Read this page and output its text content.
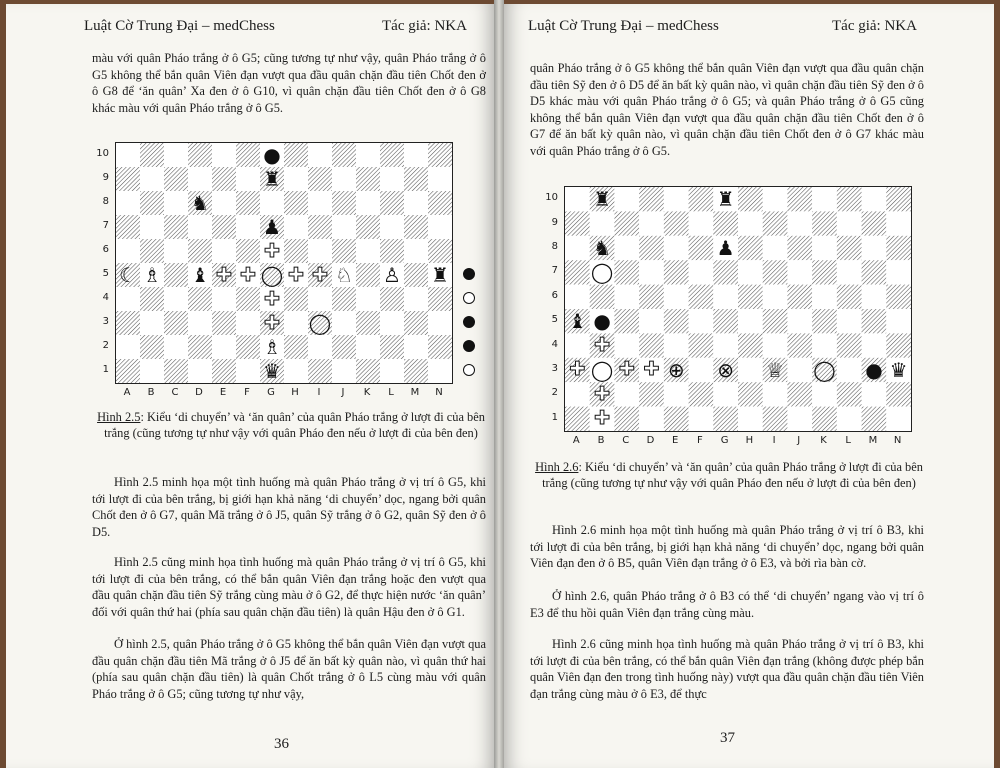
Luật Cờ Trung Đại – medChess	Tác giả: NKA

màu với quân Pháo trắng ở ô G5; cũng tương tự như vậy, quân Pháo trắng ở ô G5 không thể bắn quân Viên đạn vượt qua đầu quân chặn đầu tiên Chốt đen ở ô G8 để ‘ăn quân’ Xa đen ở ô G10, vì quân chặn đầu tiên Chốt đen ở ô G8 khác màu với quân Pháo trắng ở ô G5.

●
♜
♞
♟
✚
☾ ♗ ♝ ✚ ✚ ◯ ✚ ✚ ♘ ♙ ♜
✚
✚ ◯
♗
♛
10
9
8
7
6
5
4
3
2
1
A	B	C	D	E	F	G	H	I	J	K	L	M	N
Hình 2.5: Kiểu ‘di chuyển’ và ‘ăn quân’ của quân Pháo trắng ở lượt đi của bên trắng (cũng tương tự như vậy với quân Pháo đen nếu ở lượt đi của bên đen)

Hình 2.5 minh họa một tình huống mà quân Pháo trắng ở vị trí ô G5, khi tới lượt đi của bên trắng, bị giới hạn khả năng ‘di chuyển’ dọc, ngang bởi quân Chốt đen ở ô G7, quân Mã trắng ở ô J5, quân Sỹ trắng ở ô G2, quân Sỹ đen ở ô D5.

Hình 2.5 cũng minh họa tình huống mà quân Pháo trắng ở vị trí ô G5, khi tới lượt đi của bên trắng, có thể bắn quân Viên đạn trắng hoặc đen vượt qua đầu quân chặn đầu tiên Sỹ trắng cùng màu ở ô G2, để thực hiện nước ‘ăn quân’ đối với quân thứ hai (phía sau quân chặn đầu tiên) là quân Hậu đen ở ô G1.

Ở hình 2.5, quân Pháo trắng ở ô G5 không thể bắn quân Viên đạn vượt qua đầu quân chặn đầu tiên Mã trắng ở ô J5 để ăn bất kỳ quân nào, vì quân thứ hai (phía sau quân chặn đầu tiên) là quân Chốt trắng ở ô L5 cùng màu với quân Pháo trắng ở ô G5; cũng tương tự như vậy,

36
Luật Cờ Trung Đại – medChess	Tác giả: NKA

quân Pháo trắng ở ô G5 không thể bắn quân Viên đạn vượt qua đầu quân chặn đầu tiên Sỹ đen ở ô D5 để ăn bất kỳ quân nào, vì quân chặn đầu tiên Sỹ đen ở ô D5 khác màu với quân Pháo trắng ở ô G5; và quân Pháo trắng ở ô G5 cũng không thể bắn quân Viên đạn vượt qua đầu quân chặn đầu tiên Chốt đen ở ô G7 để ăn bất kỳ quân nào, vì quân chặn đầu tiên Chốt đen ở ô G7 khác màu với quân Pháo trắng ở ô G5.

♜	♜
♞	♟
◯
♝ ●
✚
✚ ◯ ✚ ✚ ⊕ ⊗ ♕ ◯ ● ♛
✚
✚
10
9
8
7
6
5
4
3
2
1
A	B	C	D	E	F	G	H	I	J	K	L	M	N
Hình 2.6: Kiểu ‘di chuyển’ và ‘ăn quân’ của quân Pháo trắng ở lượt đi của bên trắng (cũng tương tự như vậy với quân Pháo đen nếu ở lượt đi của bên đen)

Hình 2.6 minh họa một tình huống mà quân Pháo trắng ở vị trí ô B3, khi tới lượt đi của bên trắng, bị giới hạn khả năng ‘di chuyển’ dọc, ngang bởi quân Viên đạn đen ở ô B5, quân Viên đạn trắng ở ô E3, và bởi rìa bàn cờ.

Ở hình 2.6, quân Pháo trắng ở ô B3 có thể ‘di chuyển’ ngang vào vị trí ô E3 để thu hồi quân Viên đạn trắng cùng màu.

Hình 2.6 cũng minh họa tình huống mà quân Pháo trắng ở vị trí ô B3, khi tới lượt đi của bên trắng, có thể bắn quân Viên đạn trắng (không được phép bắn quân Viên đạn đen trong tình huống này) vượt qua đầu quân chặn đầu tiên Viên đạn trắng cùng màu ở ô E3, để thực

37
